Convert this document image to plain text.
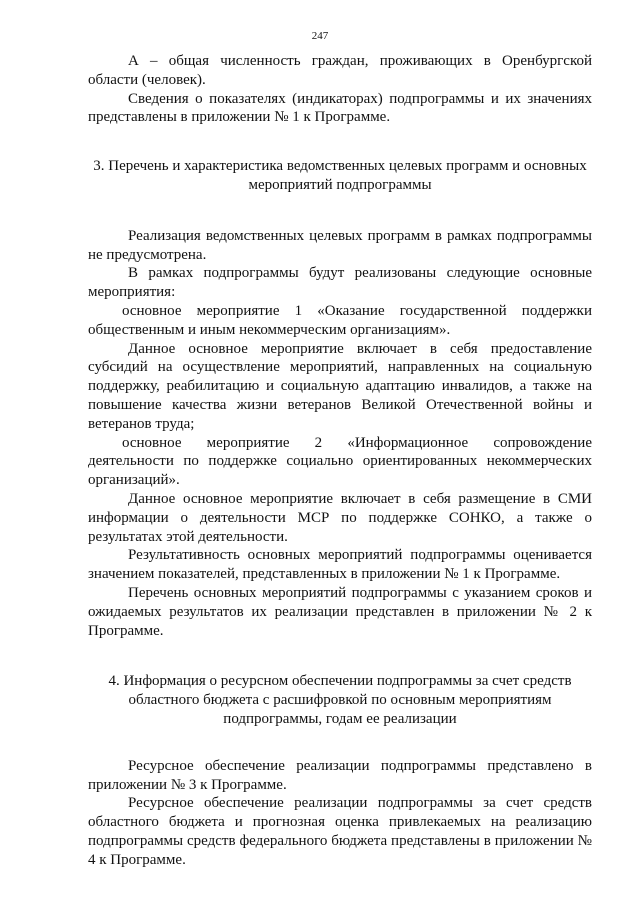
247

А – общая численность граждан, проживающих в Оренбургской области (человек).

Сведения о показателях (индикаторах) подпрограммы и их значениях представлены в приложении № 1 к Программе.

3. Перечень и характеристика ведомственных целевых программ и основных мероприятий подпрограммы

Реализация ведомственных целевых программ в рамках подпрограммы не предусмотрена.

В рамках подпрограммы будут реализованы следующие основные мероприятия:

основное мероприятие 1 «Оказание государственной поддержки общественным и иным некоммерческим организациям».

Данное основное мероприятие включает в себя предоставление субсидий на осуществление мероприятий, направленных на социальную поддержку, реабилитацию и социальную адаптацию инвалидов, а также на повышение качества жизни ветеранов Великой Отечественной войны и ветеранов труда;

основное мероприятие 2 «Информационное сопровождение деятельности по поддержке социально ориентированных некоммерческих организаций».

Данное основное мероприятие включает в себя размещение в СМИ информации о деятельности МСР по поддержке СОНКО, а также о результатах этой деятельности.

Результативность основных мероприятий подпрограммы оценивается значением показателей, представленных в приложении № 1 к Программе.

Перечень основных мероприятий подпрограммы с указанием сроков и ожидаемых результатов их реализации представлен в приложении № 2 к Программе.

4. Информация о ресурсном обеспечении подпрограммы за счет средств областного бюджета с расшифровкой по основным мероприятиям подпрограммы, годам ее реализации

Ресурсное обеспечение реализации подпрограммы представлено в приложении № 3 к Программе.

Ресурсное обеспечение реализации подпрограммы за счет средств областного бюджета и прогнозная оценка привлекаемых на реализацию подпрограммы средств федерального бюджета представлены в приложении № 4 к Программе.
